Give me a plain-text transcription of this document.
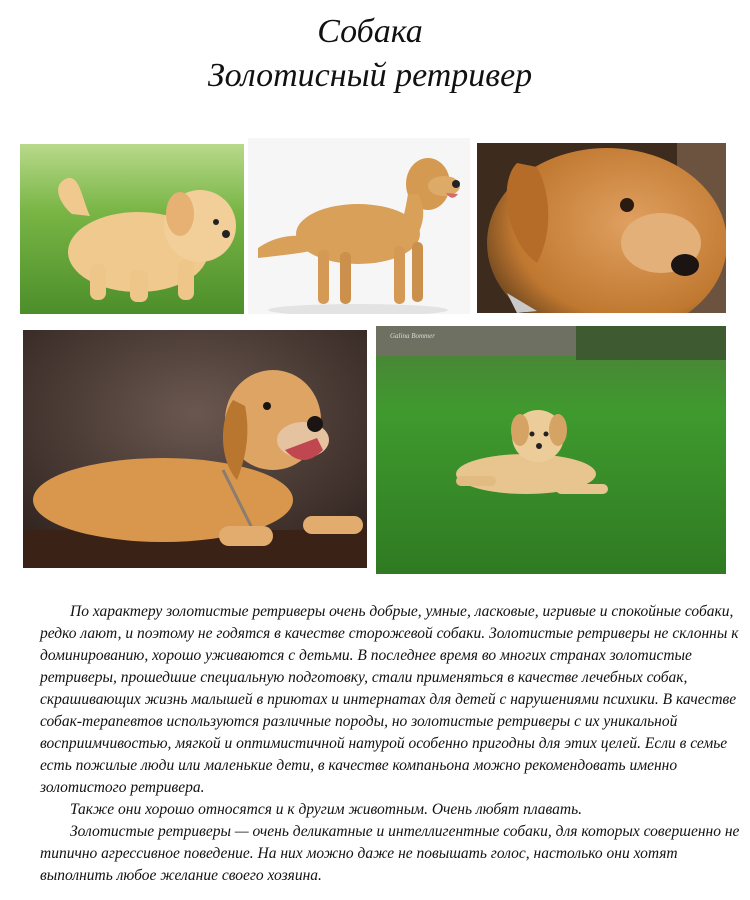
Собака
Золотисный ретривер
Galina Bommer

По характеру золотистые ретриверы очень добрые, умные, ласковые, игривые и спокойные собаки, редко лают, и поэтому не годятся в качестве сторожевой собаки. Золотистые ретриверы не склонны к доминированию, хорошо уживаются с детьми. В последнее время во многих странах золотистые ретриверы, прошедшие специальную подготовку, стали применяться в качестве лечебных собак, скрашивающих жизнь малышей в приютах и интернатах для детей с нарушениями психики. В качестве собак-терапевтов используются различные породы, но золотистые ретриверы с их уникальной восприимчивостью, мягкой и оптимистичной натурой особенно пригодны для этих целей. Если в семье есть пожилые люди или маленькие дети, в качестве компаньона можно рекомендовать именно золотистого ретривера.

Также они хорошо относятся и к другим животным. Очень любят плавать.

Золотистые ретриверы — очень деликатные и интеллигентные собаки, для которых совершенно не типично агрессивное поведение. На них можно даже не повышать голос, настолько они хотят выполнить любое желание своего хозяина.
